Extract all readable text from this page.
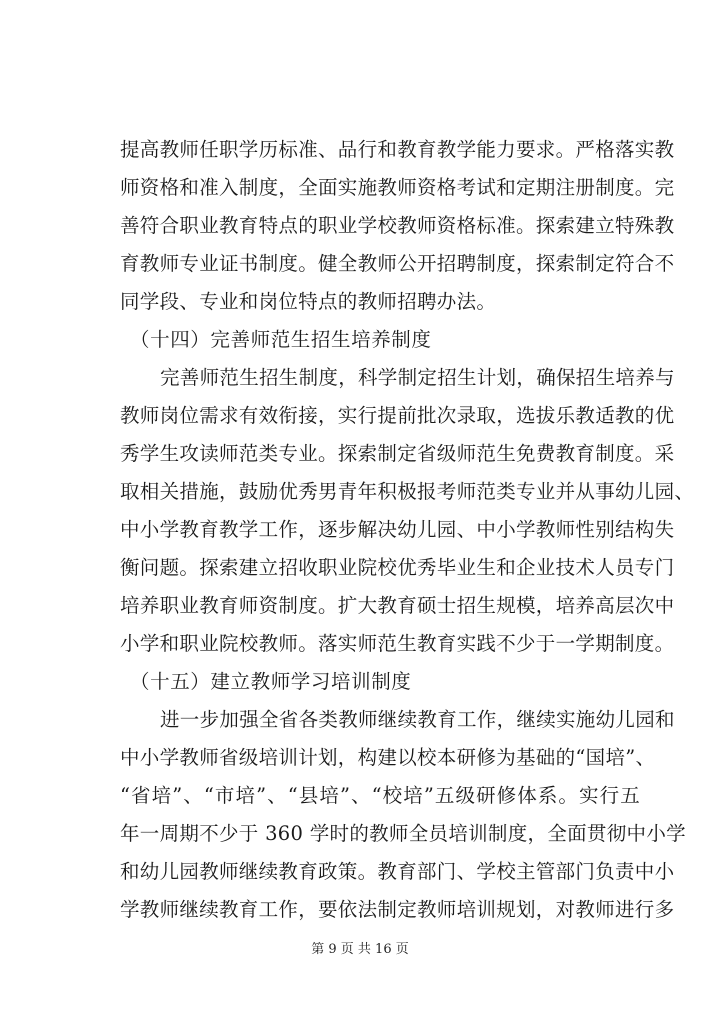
提高教师任职学历标准、品行和教育教学能力要求。严格落实教
师资格和准入制度，全面实施教师资格考试和定期注册制度。完
善符合职业教育特点的职业学校教师资格标准。探索建立特殊教
育教师专业证书制度。健全教师公开招聘制度，探索制定符合不
同学段、专业和岗位特点的教师招聘办法。
（十四）完善师范生招生培养制度
完善师范生招生制度，科学制定招生计划，确保招生培养与
教师岗位需求有效衔接，实行提前批次录取，选拔乐教适教的优
秀学生攻读师范类专业。探索制定省级师范生免费教育制度。采
取相关措施，鼓励优秀男青年积极报考师范类专业并从事幼儿园、
中小学教育教学工作，逐步解决幼儿园、中小学教师性别结构失
衡问题。探索建立招收职业院校优秀毕业生和企业技术人员专门
培养职业教育师资制度。扩大教育硕士招生规模，培养高层次中
小学和职业院校教师。落实师范生教育实践不少于一学期制度。
（十五）建立教师学习培训制度
进一步加强全省各类教师继续教育工作，继续实施幼儿园和
中小学教师省级培训计划，构建以校本研修为基础的“国培”、
“省培”、“市培”、“县培”、“校培”五级研修体系。实行五
年一周期不少于 360 学时的教师全员培训制度，全面贯彻中小学
和幼儿园教师继续教育政策。教育部门、学校主管部门负责中小
学教师继续教育工作，要依法制定教师培训规划，对教师进行多
第 9 页 共 16 页
